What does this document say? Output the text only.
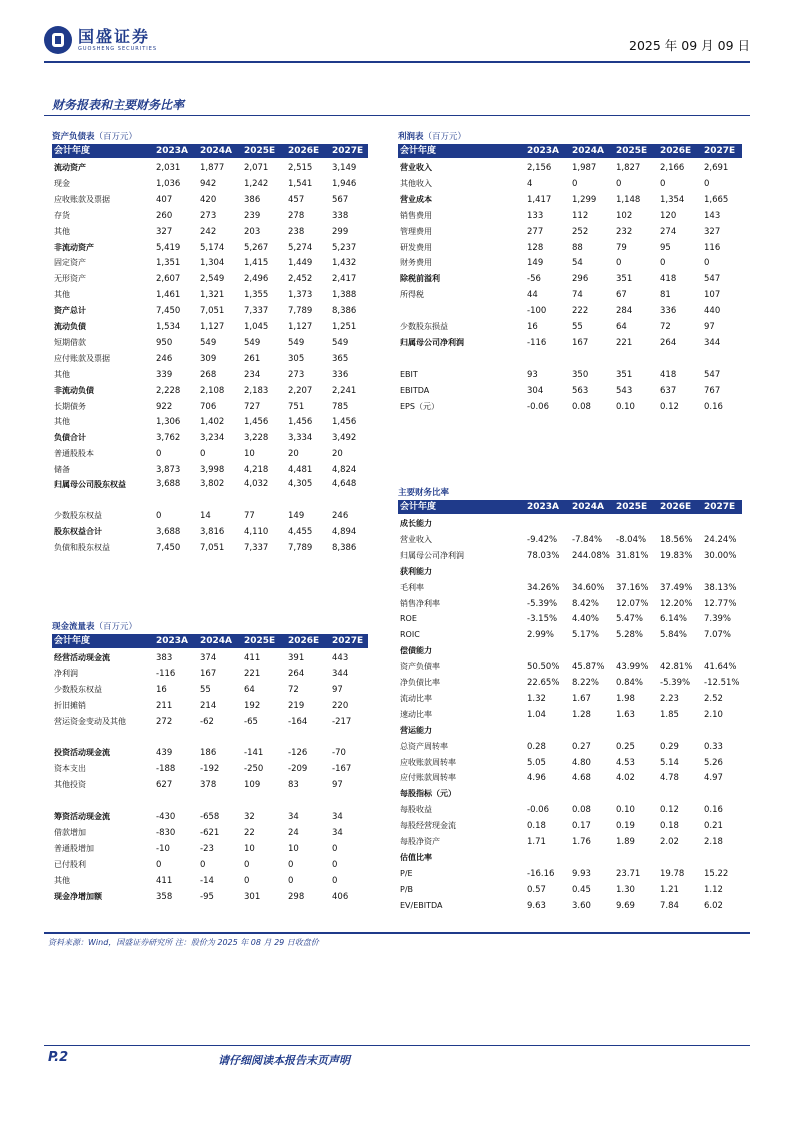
国盛证券
GUOSHENG SECURITIES	2025 年 09 月 09 日
财务报表和主要财务比率
资产负债表（百万元）
会计年度	2023A 2024A 2025E 2026E 2027E
流动资产	2,031 1,877 2,071 2,515 3,149
现金	1,036 942	1,242 1,541 1,946
应收账款及票据	407	420	386	457	567
存货	260	273	239	278	338
其他	327	242	203	238	299
非流动资产	5,419 5,174 5,267 5,274 5,237
固定资产	1,351 1,304 1,415 1,449 1,432
无形资产	2,607 2,549 2,496 2,452 2,417
其他	1,461 1,321 1,355 1,373 1,388
资产总计	7,450 7,051 7,337 7,789 8,386
流动负债	1,534 1,127 1,045 1,127 1,251
短期借款	950	549	549	549	549
应付账款及票据	246	309	261	305	365
其他	339	268	234	273	336
非流动负债	2,228 2,108 2,183 2,207 2,241
长期债务	922	706	727	751	785
其他	1,306 1,402 1,456 1,456 1,456
负债合计	3,762 3,234 3,228 3,334 3,492
普通股股本	0	0	10	20	20
储备	3,873 3,998 4,218 4,481 4,824
归属母公司股东权益	3,688 3,802 4,032 4,305 4,648
少数股东权益	0	14	77	149	246
股东权益合计	3,688 3,816 4,110 4,455 4,894
负债和股东权益	7,450 7,051 7,337 7,789 8,386
利润表（百万元）
会计年度	2023A 2024A 2025E 2026E 2027E
营业收入	2,156 1,987 1,827 2,166 2,691
其他收入	4	0	0	0	0
营业成本	1,417 1,299 1,148 1,354 1,665
销售费用	133	112	102	120	143
管理费用	277	252	232	274	327
研发费用	128	88	79	95	116
财务费用	149	54	0	0	0
除税前溢利	-56	296	351	418	547
所得税	44	74	67	81	107
-100	222	284	336	440
少数股东损益	16	55	64	72	97
归属母公司净利润	-116	167	221	264	344
EBIT	93	350	351	418	547
EBITDA	304	563	543	637	767
EPS（元）	-0.06	0.08	0.10	0.12	0.16
现金流量表（百万元）
会计年度	2023A 2024A 2025E 2026E 2027E
经营活动现金流	383	374	411	391	443
净利润	-116	167	221	264	344
少数股东权益	16	55	64	72	97
折旧摊销	211	214	192	219	220
营运资金变动及其他	272	-62	-65	-164	-217
投资活动现金流	439	186	-141	-126	-70
资本支出	-188	-192	-250	-209	-167
其他投资	627	378	109	83	97
筹资活动现金流	-430	-658	32	34	34
借款增加	-830	-621	22	24	34
普通股增加	-10	-23	10	10	0
已付股利	0	0	0	0	0
其他	411	-14	0	0	0
现金净增加额	358	-95	301	298	406
主要财务比率
会计年度	2023A 2024A 2025E 2026E 2027E
成长能力
营业收入	-9.42% -7.84% -8.04% 18.56% 24.24%
归属母公司净利润	78.03% 244.08% 31.81% 19.83% 30.00%
获利能力
毛利率	34.26% 34.60% 37.16% 37.49% 38.13%
销售净利率	-5.39% 8.42% 12.07% 12.20% 12.77%
ROE	-3.15% 4.40% 5.47% 6.14% 7.39%
ROIC	2.99% 5.17% 5.28% 5.84% 7.07%
偿债能力
资产负债率	50.50% 45.87% 43.99% 42.81% 41.64%
净负债比率	22.65% 8.22% 0.84% -5.39% -12.51%
流动比率	1.32	1.67	1.98	2.23	2.52
速动比率	1.04	1.28	1.63	1.85	2.10
营运能力
总资产周转率	0.28	0.27	0.25	0.29	0.33
应收账款周转率	5.05	4.80	4.53	5.14	5.26
应付账款周转率	4.96	4.68	4.02	4.78	4.97
每股指标（元）
每股收益	-0.06	0.08	0.10	0.12	0.16
每股经营现金流	0.18	0.17	0.19	0.18	0.21
每股净资产	1.71	1.76	1.89	2.02	2.18
估值比率
P/E	-16.16 9.93	23.71 19.78 15.22
P/B	0.57	0.45	1.30	1.21	1.12
EV/EBITDA	9.63	3.60	9.69	7.84	6.02
资料来源：Wind，国盛证券研究所 注：股价为 2025 年 08 月 29 日收盘价
P.2	请仔细阅读本报告末页声明
